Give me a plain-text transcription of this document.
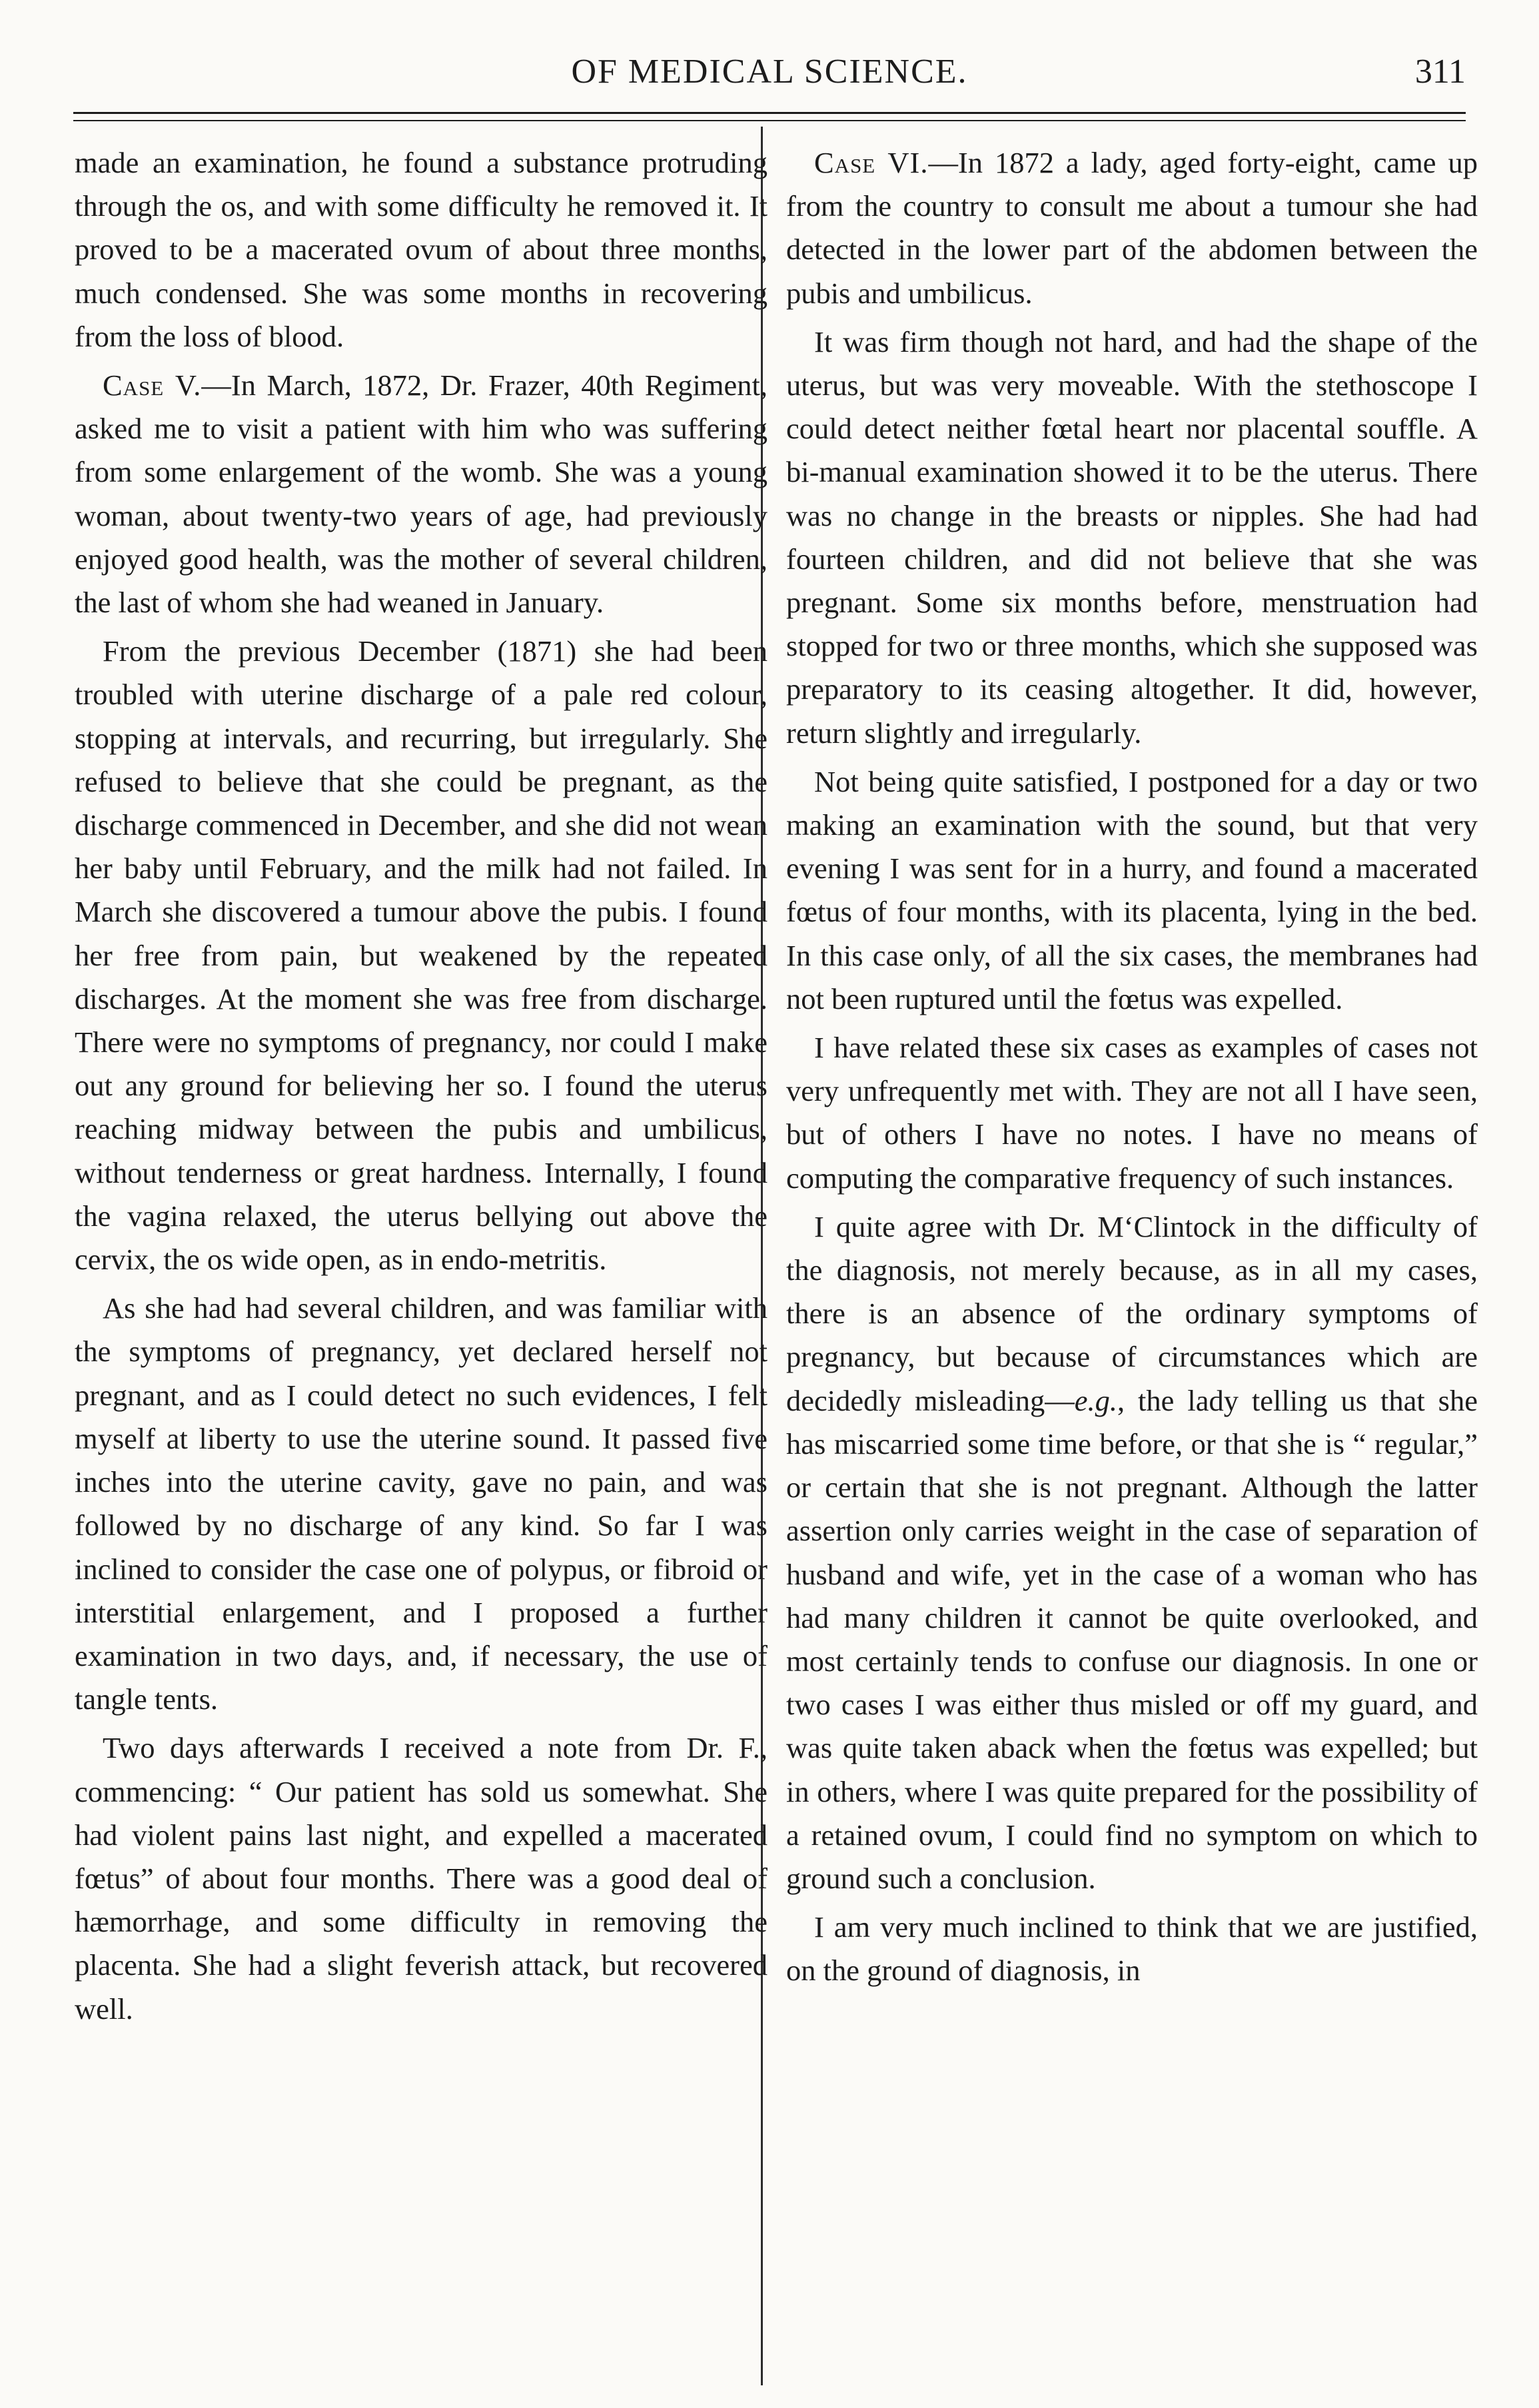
OF MEDICAL SCIENCE.	311

made an examination, he found a substance protruding through the os, and with some difficulty he removed it. It proved to be a macerated ovum of about three months, much condensed. She was some months in recovering from the loss of blood.

Case V.—In March, 1872, Dr. Frazer, 40th Regiment, asked me to visit a patient with him who was suffering from some enlargement of the womb. She was a young woman, about twenty-two years of age, had previously enjoyed good health, was the mother of several children, the last of whom she had weaned in January.

From the previous December (1871) she had been troubled with uterine discharge of a pale red colour, stopping at intervals, and recurring, but irregularly. She refused to believe that she could be pregnant, as the discharge commenced in December, and she did not wean her baby until February, and the milk had not failed. In March she discovered a tumour above the pubis. I found her free from pain, but weakened by the repeated discharges. At the moment she was free from discharge. There were no symptoms of pregnancy, nor could I make out any ground for believing her so. I found the uterus reaching midway between the pubis and umbilicus, without tenderness or great hardness. Internally, I found the vagina relaxed, the uterus bellying out above the cervix, the os wide open, as in endo-metritis.

As she had had several children, and was familiar with the symptoms of pregnancy, yet declared herself not pregnant, and as I could detect no such evidences, I felt myself at liberty to use the uterine sound. It passed five inches into the uterine cavity, gave no pain, and was followed by no discharge of any kind. So far I was inclined to consider the case one of polypus, or fibroid or interstitial enlargement, and I proposed a further examination in two days, and, if necessary, the use of tangle tents.

Two days afterwards I received a note from Dr. F., commencing: “ Our patient has sold us somewhat. She had violent pains last night, and expelled a macerated fœtus” of about four months. There was a good deal of hæmorrhage, and some difficulty in removing the placenta. She had a slight feverish attack, but recovered well.

Case VI.—In 1872 a lady, aged forty-eight, came up from the country to consult me about a tumour she had detected in the lower part of the abdomen between the pubis and umbilicus.

It was firm though not hard, and had the shape of the uterus, but was very moveable. With the stethoscope I could detect neither fœtal heart nor placental souffle. A bi-manual examination showed it to be the uterus. There was no change in the breasts or nipples. She had had fourteen children, and did not believe that she was pregnant. Some six months before, menstruation had stopped for two or three months, which she supposed was preparatory to its ceasing altogether. It did, however, return slightly and irregularly.

Not being quite satisfied, I postponed for a day or two making an examination with the sound, but that very evening I was sent for in a hurry, and found a macerated fœtus of four months, with its placenta, lying in the bed. In this case only, of all the six cases, the membranes had not been ruptured until the fœtus was expelled.

I have related these six cases as examples of cases not very unfrequently met with. They are not all I have seen, but of others I have no notes. I have no means of computing the comparative frequency of such instances.

I quite agree with Dr. M‘Clintock in the difficulty of the diagnosis, not merely because, as in all my cases, there is an absence of the ordinary symptoms of pregnancy, but because of circumstances which are decidedly misleading—e.g., the lady telling us that she has miscarried some time before, or that she is “ regular,” or certain that she is not pregnant. Although the latter assertion only carries weight in the case of separation of husband and wife, yet in the case of a woman who has had many children it cannot be quite overlooked, and most certainly tends to confuse our diagnosis. In one or two cases I was either thus misled or off my guard, and was quite taken aback when the fœtus was expelled; but in others, where I was quite prepared for the possibility of a retained ovum, I could find no symptom on which to ground such a conclusion.

I am very much inclined to think that we are justified, on the ground of diagnosis, in
